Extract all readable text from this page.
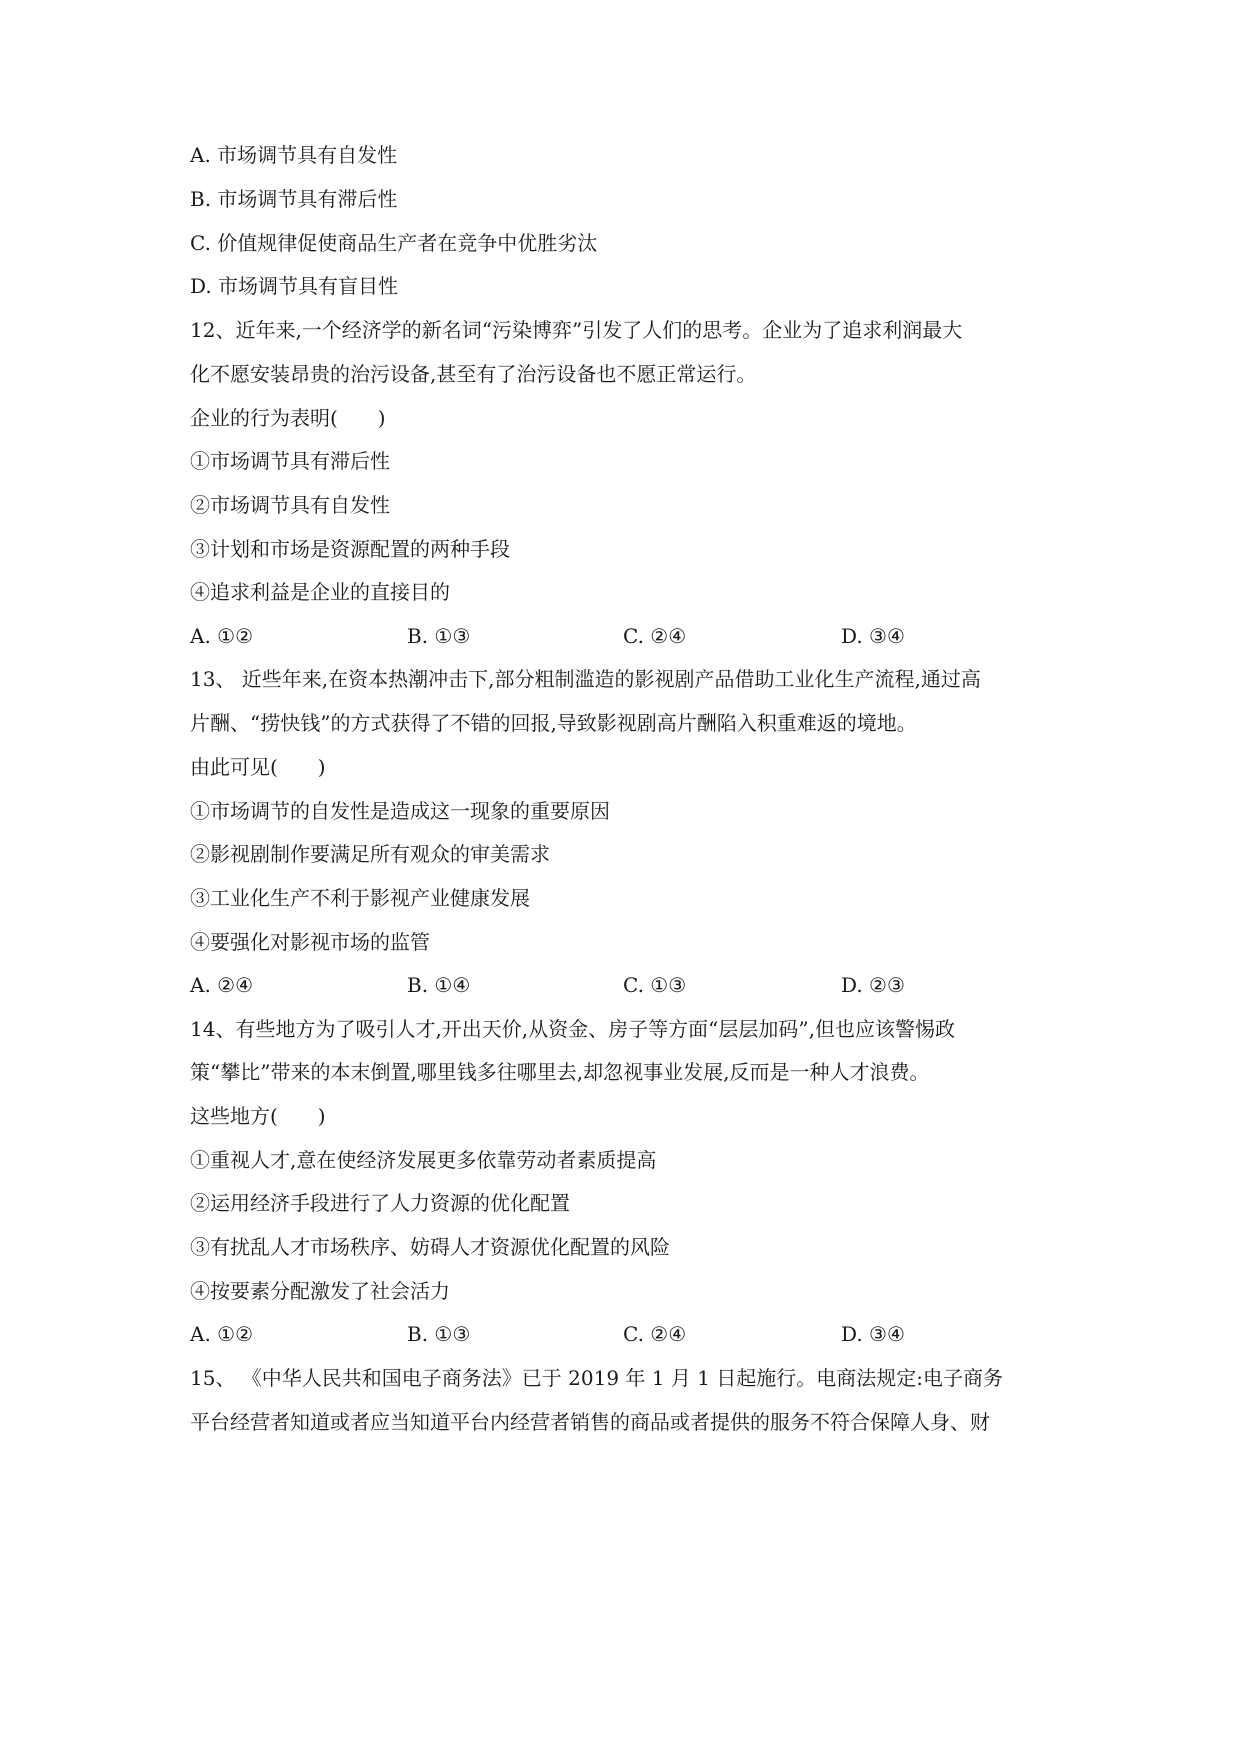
A. 市场调节具有自发性
B. 市场调节具有滞后性
C. 价值规律促使商品生产者在竞争中优胜劣汰
D. 市场调节具有盲目性
12、近年来,一个经济学的新名词“污染博弈”引发了人们的思考。企业为了追求利润最大
化不愿安装昂贵的治污设备,甚至有了治污设备也不愿正常运行。
企业的行为表明(　　)
①市场调节具有滞后性
②市场调节具有自发性
③计划和市场是资源配置的两种手段
④追求利益是企业的直接目的
A. ①②	B. ①③	C. ②④	D. ③④
13、 近些年来,在资本热潮冲击下,部分粗制滥造的影视剧产品借助工业化生产流程,通过高
片酬、“捞快钱”的方式获得了不错的回报,导致影视剧高片酬陷入积重难返的境地。
由此可见(　　)
①市场调节的自发性是造成这一现象的重要原因
②影视剧制作要满足所有观众的审美需求
③工业化生产不利于影视产业健康发展
④要强化对影视市场的监管
A. ②④	B. ①④	C. ①③	D. ②③
14、有些地方为了吸引人才,开出天价,从资金、房子等方面“层层加码”,但也应该警惕政
策“攀比”带来的本末倒置,哪里钱多往哪里去,却忽视事业发展,反而是一种人才浪费。
这些地方(　　)
①重视人才,意在使经济发展更多依靠劳动者素质提高
②运用经济手段进行了人力资源的优化配置
③有扰乱人才市场秩序、妨碍人才资源优化配置的风险
④按要素分配激发了社会活力
A. ①②	B. ①③	C. ②④	D. ③④
15、 《中华人民共和国电子商务法》已于 2019 年 1 月 1 日起施行。电商法规定:电子商务
平台经营者知道或者应当知道平台内经营者销售的商品或者提供的服务不符合保障人身、财
